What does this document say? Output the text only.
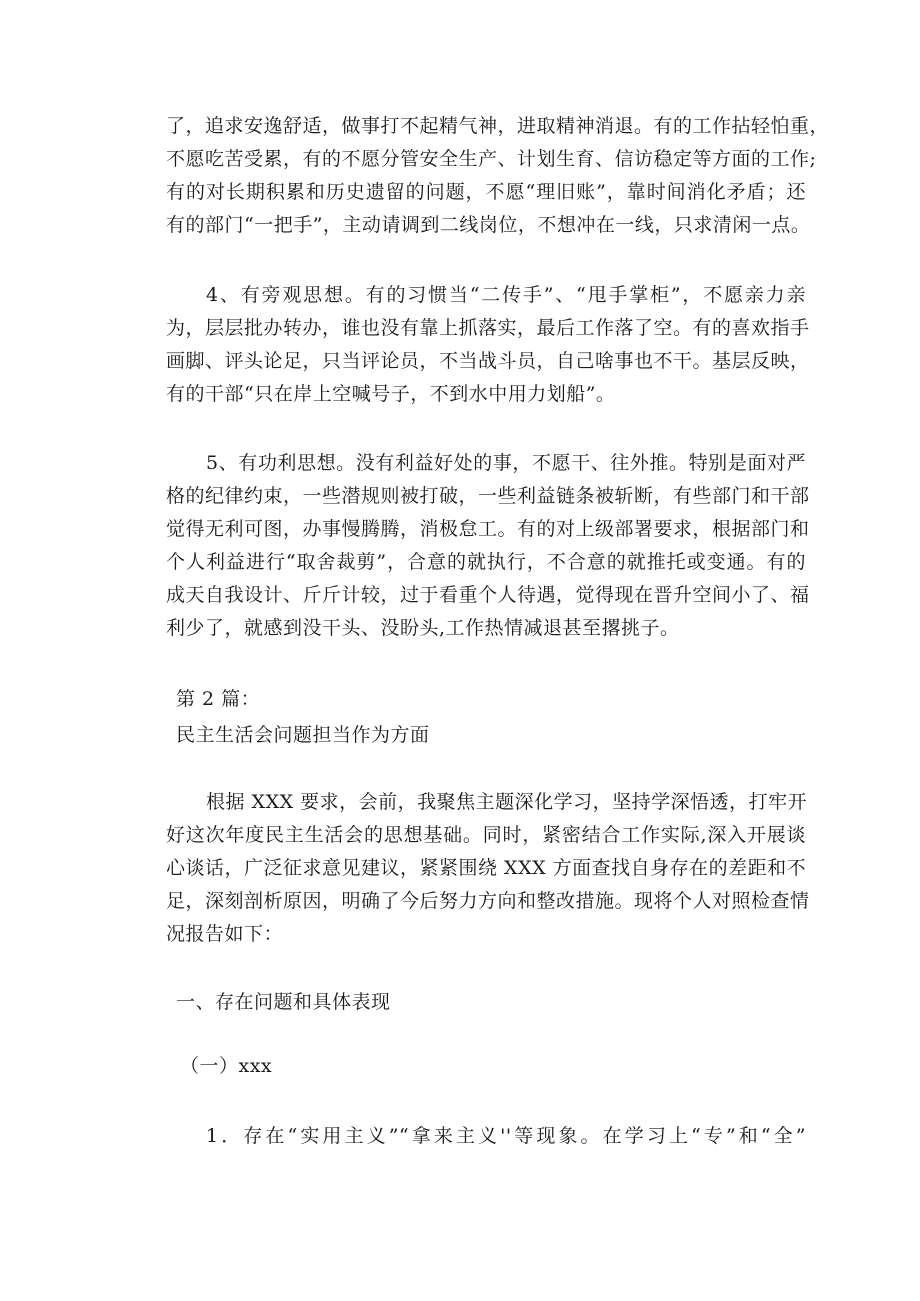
了，追求安逸舒适，做事打不起精气神，进取精神消退。有的工作拈轻怕重，
不愿吃苦受累，有的不愿分管安全生产、计划生育、信访稳定等方面的工作;
有的对长期积累和历史遗留的问题，不愿“理旧账”，靠时间消化矛盾；还
有的部门“一把手”，主动请调到二线岗位，不想冲在一线，只求清闲一点。
4、有旁观思想。有的习惯当“二传手”、“甩手掌柜”，不愿亲力亲
为，层层批办转办，谁也没有靠上抓落实，最后工作落了空。有的喜欢指手
画脚、评头论足，只当评论员，不当战斗员，自己啥事也不干。基层反映，
有的干部“只在岸上空喊号子，不到水中用力划船”。
5、有功利思想。没有利益好处的事，不愿干、往外推。特别是面对严
格的纪律约束，一些潜规则被打破，一些利益链条被斩断，有些部门和干部
觉得无利可图，办事慢腾腾，消极怠工。有的对上级部署要求，根据部门和
个人利益进行“取舍裁剪”，合意的就执行，不合意的就推托或变通。有的
成天自我设计、斤斤计较，过于看重个人待遇，觉得现在晋升空间小了、福
利少了，就感到没干头、没盼头,工作热情减退甚至撂挑子。
第 2 篇：
民主生活会问题担当作为方面
根据 XXX 要求，会前，我聚焦主题深化学习，坚持学深悟透，打牢开
好这次年度民主生活会的思想基础。同时，紧密结合工作实际,深入开展谈
心谈话，广泛征求意见建议，紧紧围绕 XXX 方面查找自身存在的差距和不
足，深刻剖析原因，明确了今后努力方向和整改措施。现将个人对照检查情
况报告如下：
一、存在问题和具体表现
（一）xxx
1．存在“实用主义”“拿来主义''等现象。在学习上“专”和“全”
